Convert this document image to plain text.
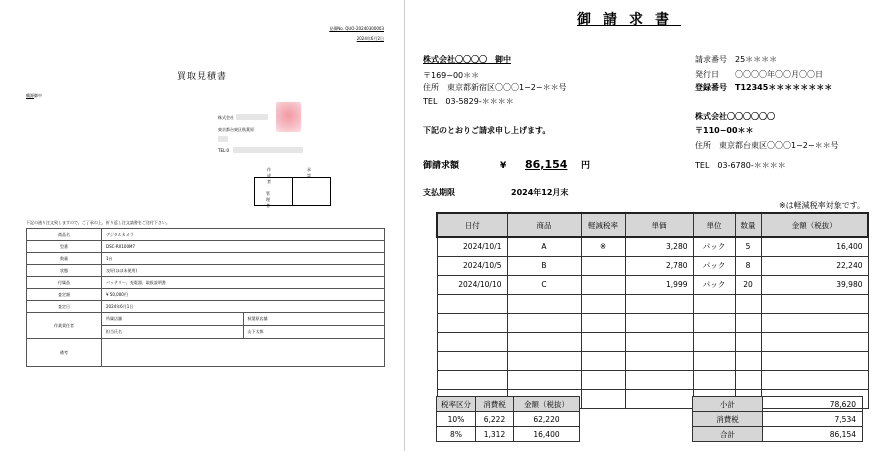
見積No. QUO-20240300003
2024年6月2日
買取見積書
鶴源御中
株式会社
東京都台東区秋葉原
TEL:0
作成者
承認
管理者
下記の通り注文致しますので、ご了承の上、折り返し注文請書をご送付下さい。
商品名	デジタルカメラ	
型番	DSC-RX100M7	
数量	1台	
状態	良好(ほぼ未使用)	
付属品	バッテリー、充電器、取扱説明書	
査定額	¥ 50,000円	
査定日	2024年6月1日	
作業責任者	所属店舗	秋葉原店舗
	担当氏名	山下太郎
備考		
御請求書
株式会社〇〇〇〇　御中
〒169−00＊＊
住所　東京都新宿区〇〇〇1−2−＊＊号
TEL　03-5829-＊＊＊＊
請求番号　25＊＊＊＊
発行日　　〇〇〇〇年〇〇月〇〇日
登録番号　T12345＊＊＊＊＊＊＊＊
株式会社〇〇〇〇〇〇
〒110−00＊＊
住所　東京都台東区〇〇〇1−2−＊＊号
TEL　03-6780-＊＊＊＊
下記のとおりご請求申し上げます。
御請求額	¥ 86,154 円
支払期限	2024年12月末
※は軽減税率対象です。
日付	商品	軽減税率	単価	単位	数量	金額（税抜）
2024/10/1	A	※	3,280	パック	5	16,400
2024/10/5	B		2,780	パック	8	22,240
2024/10/10	C		1,999	パック	20	39,980

税率区分	消費税	金額（税抜）
10%	6,222	62,220
8%	1,312	16,400
小計	78,620
消費税	7,534
合計	86,154
